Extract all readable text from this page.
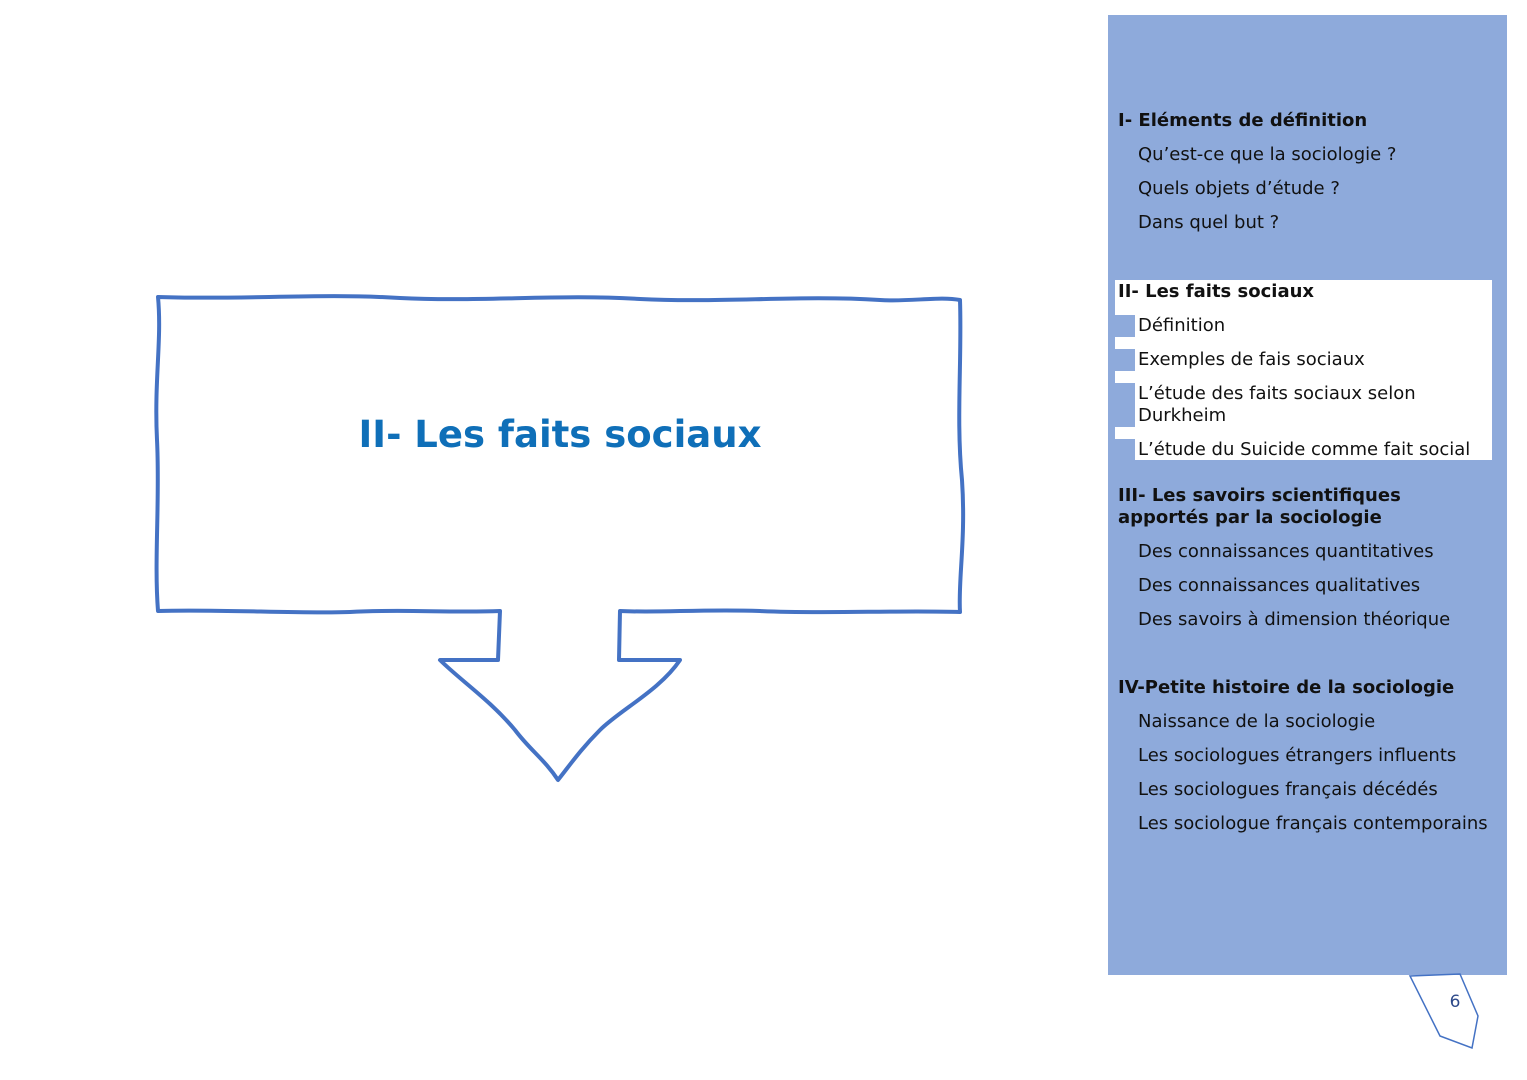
II- Les faits sociaux

I- Eléments de définition

Qu’est-ce que la sociologie ?

Quels objets d’étude ?

Dans quel but ?

II- Les faits sociaux

Définition

Exemples de fais sociaux

L’étude des faits sociaux selon Durkheim

L’étude du Suicide comme fait social

III- Les savoirs scientifiques apportés par la sociologie

Des connaissances quantitatives

Des connaissances qualitatives

Des savoirs à dimension théorique

IV-Petite histoire de la sociologie

Naissance de la sociologie

Les sociologues étrangers influents

Les sociologues français décédés

Les sociologue français contemporains

6
